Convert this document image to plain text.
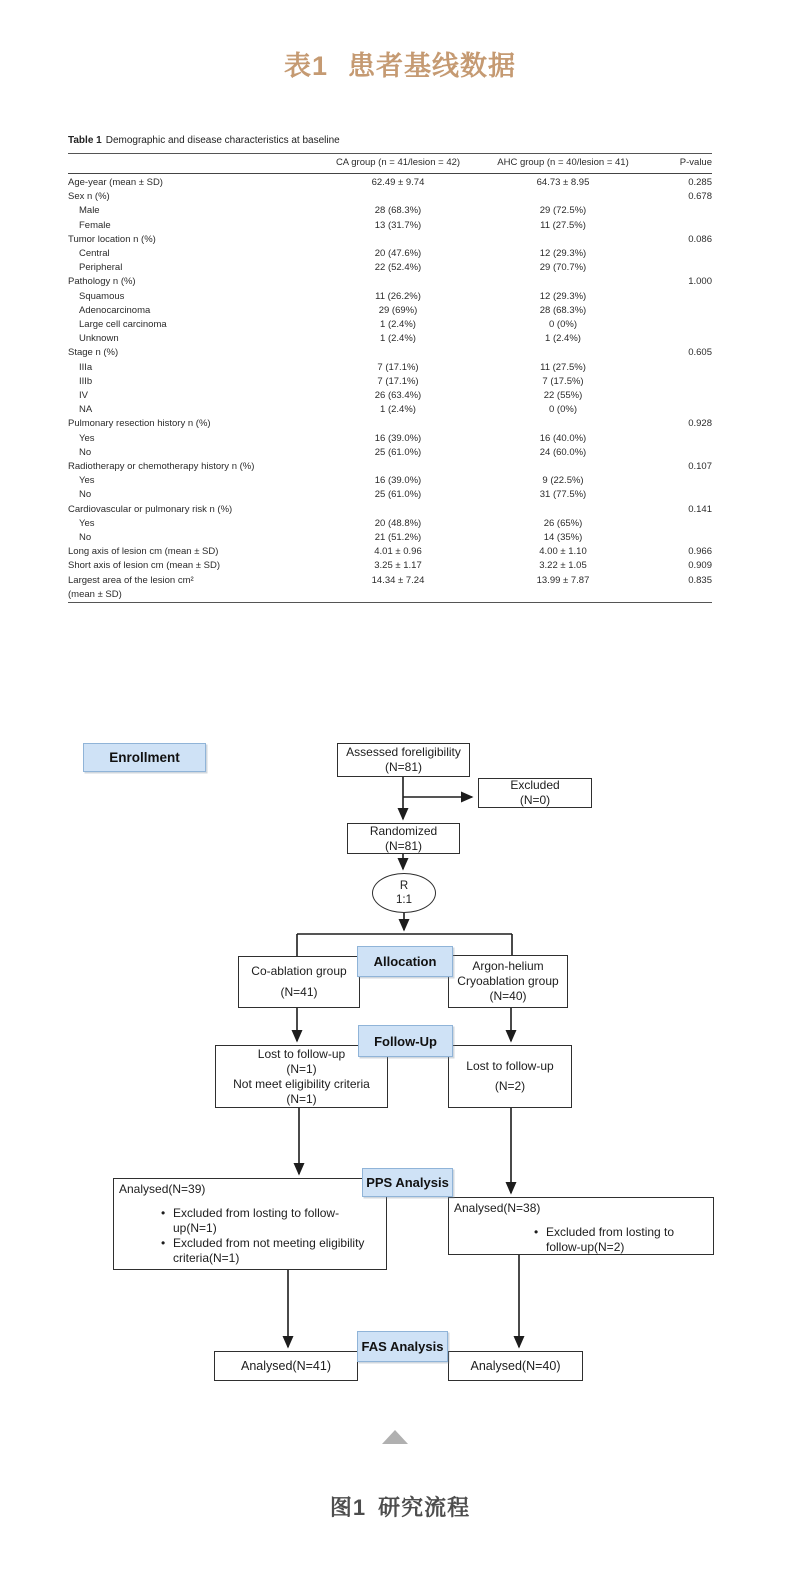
表1 患者基线数据
Table 1 Demographic and disease characteristics at baseline
	CA group (n = 41/lesion = 42)	AHC group (n = 40/lesion = 41)	P-value
Age-year (mean ± SD)	62.49 ± 9.74	64.73 ± 8.95	0.285
Sex n (%)			0.678
Male	28 (68.3%)	29 (72.5%)	
Female	13 (31.7%)	11 (27.5%)	
Tumor location n (%)			0.086
Central	20 (47.6%)	12 (29.3%)	
Peripheral	22 (52.4%)	29 (70.7%)	
Pathology n (%)			1.000
Squamous	11 (26.2%)	12 (29.3%)	
Adenocarcinoma	29 (69%)	28 (68.3%)	
Large cell carcinoma	1 (2.4%)	0 (0%)	
Unknown	1 (2.4%)	1 (2.4%)	
Stage n (%)			0.605
IIIa	7 (17.1%)	11 (27.5%)	
IIIb	7 (17.1%)	7 (17.5%)	
IV	26 (63.4%)	22 (55%)	
NA	1 (2.4%)	0 (0%)	
Pulmonary resection history n (%)			0.928
Yes	16 (39.0%)	16 (40.0%)	
No	25 (61.0%)	24 (60.0%)	
Radiotherapy or chemotherapy history n (%)			0.107
Yes	16 (39.0%)	9 (22.5%)	
No	25 (61.0%)	31 (77.5%)	
Cardiovascular or pulmonary risk n (%)			0.141
Yes	20 (48.8%)	26 (65%)	
No	21 (51.2%)	14 (35%)	
Long axis of lesion cm (mean ± SD)	4.01 ± 0.96	4.00 ± 1.10	0.966
Short axis of lesion cm (mean ± SD)	3.25 ± 1.17	3.22 ± 1.05	0.909
Largest area of the lesion cm²
(mean ± SD)	14.34 ± 7.24	13.99 ± 7.87	0.835
Enrollment
Allocation
Follow-Up
PPS Analysis
FAS Analysis
Assessed foreligibility
(N=81)
Excluded
(N=0)
Randomized
(N=81)
R
1:1
Co-ablation group
(N=41)
Argon-helium
Cryoablation group
(N=40)
Lost to follow-up
(N=1)
Not meet eligibility criteria
(N=1)
Lost to follow-up
(N=2)
Analysed(N=39)
• Excluded from losting to follow-up(N=1)
• Excluded from not meeting eligibility criteria(N=1)
Analysed(N=38)
• Excluded from losting to follow-up(N=2)
Analysed(N=41)	Analysed(N=40)
图1 研究流程
